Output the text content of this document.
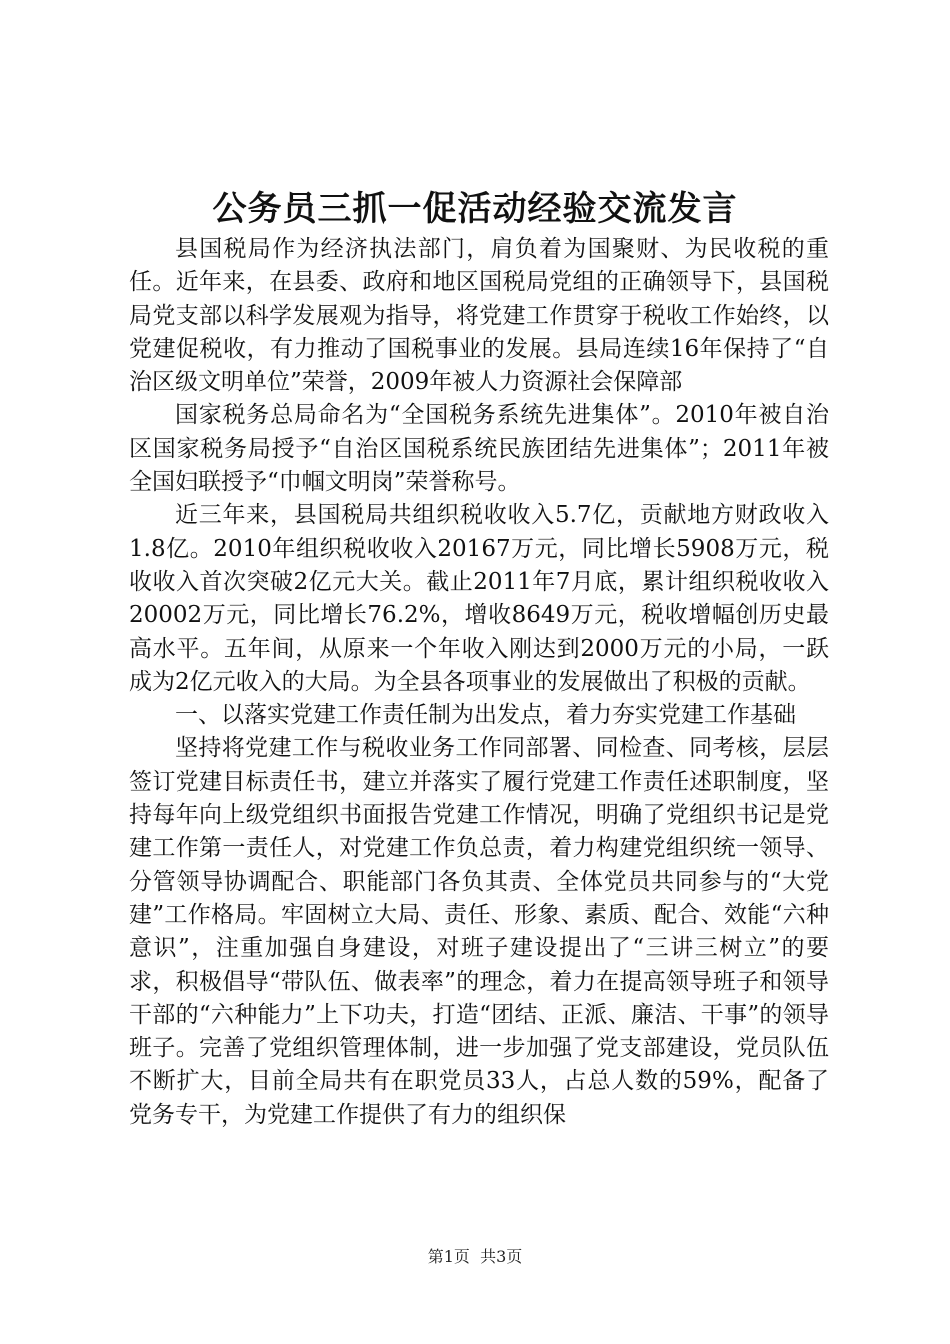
公务员三抓一促活动经验交流发言

县国税局作为经济执法部门，肩负着为国聚财、为民收税的重任。近年来，在县委、政府和地区国税局党组的正确领导下，县国税局党支部以科学发展观为指导，将党建工作贯穿于税收工作始终，以党建促税收，有力推动了国税事业的发展。县局连续16年保持了“自治区级文明单位”荣誉，2009年被人力资源社会保障部

国家税务总局命名为“全国税务系统先进集体”。2010年被自治区国家税务局授予“自治区国税系统民族团结先进集体”；2011年被全国妇联授予“巾帼文明岗”荣誉称号。

近三年来，县国税局共组织税收收入5.7亿，贡献地方财政收入1.8亿。2010年组织税收收入20167万元，同比增长5908万元，税收收入首次突破2亿元大关。截止2011年7月底，累计组织税收收入20002万元，同比增长76.2%，增收8649万元，税收增幅创历史最高水平。五年间，从原来一个年收入刚达到2000万元的小局，一跃成为2亿元收入的大局。为全县各项事业的发展做出了积极的贡献。

一、以落实党建工作责任制为出发点，着力夯实党建工作基础

坚持将党建工作与税收业务工作同部署、同检查、同考核，层层签订党建目标责任书，建立并落实了履行党建工作责任述职制度，坚持每年向上级党组织书面报告党建工作情况，明确了党组织书记是党建工作第一责任人，对党建工作负总责，着力构建党组织统一领导、分管领导协调配合、职能部门各负其责、全体党员共同参与的“大党建”工作格局。牢固树立大局、责任、形象、素质、配合、效能“六种意识”，注重加强自身建设，对班子建设提出了“三讲三树立”的要求，积极倡导“带队伍、做表率”的理念，着力在提高领导班子和领导干部的“六种能力”上下功夫，打造“团结、正派、廉洁、干事”的领导班子。完善了党组织管理体制，进一步加强了党支部建设，党员队伍不断扩大，目前全局共有在职党员33人，占总人数的59%，配备了党务专干，为党建工作提供了有力的组织保

第1页  共3页
